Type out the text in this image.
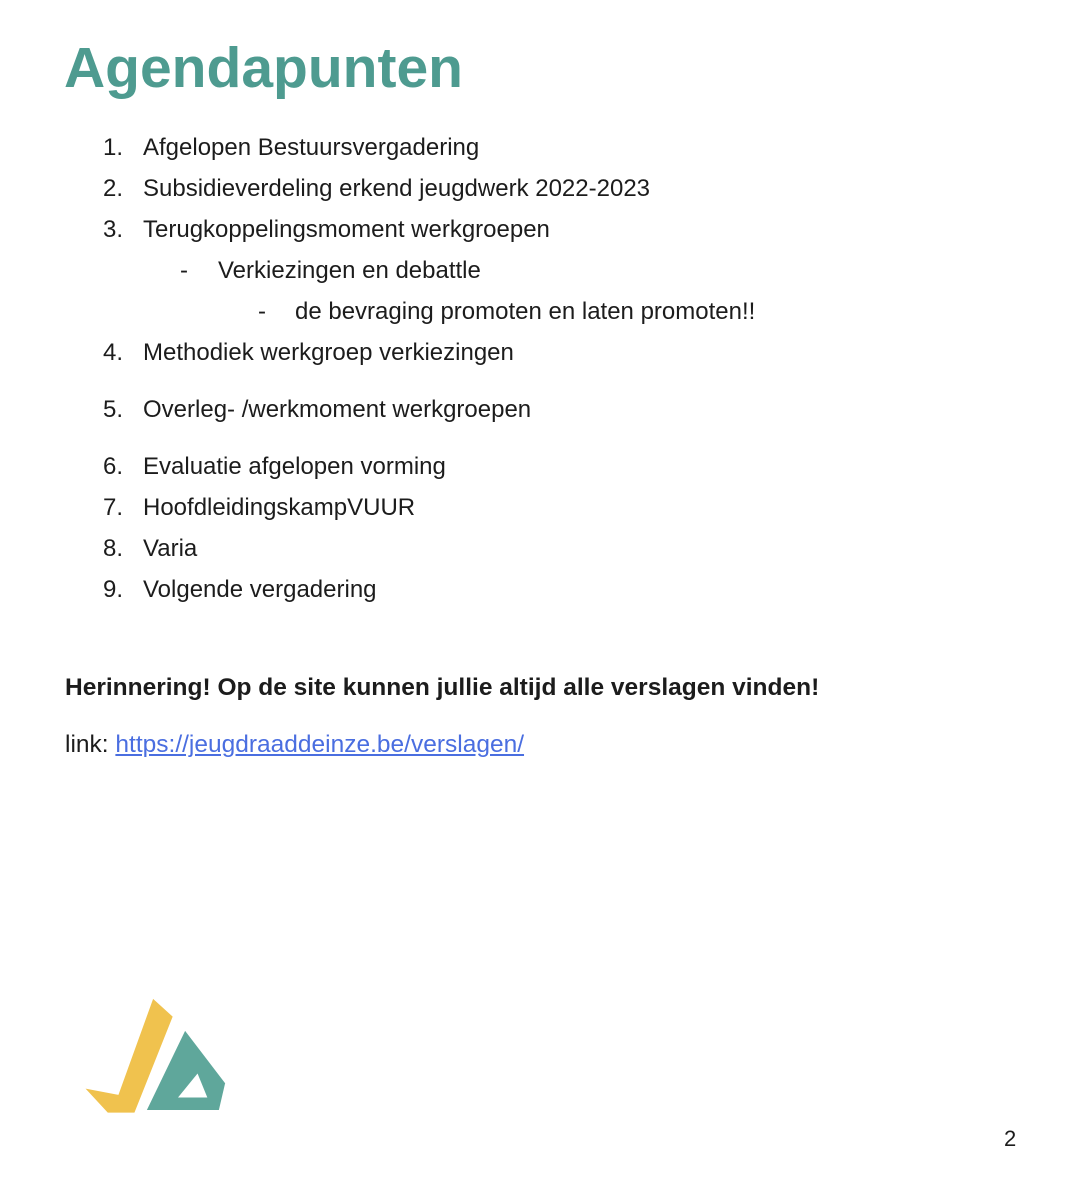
Agendapunten
1. Afgelopen Bestuursvergadering
2. Subsidieverdeling erkend jeugdwerk 2022-2023
3. Terugkoppelingsmoment werkgroepen
-	Verkiezingen en debattle
-	de bevraging promoten en laten promoten!!
4. Methodiek werkgroep verkiezingen
5. Overleg- /werkmoment werkgroepen
6. Evaluatie afgelopen vorming
7. HoofdleidingskampVUUR
8. Varia
9. Volgende vergadering
Herinnering! Op de site kunnen jullie altijd alle verslagen vinden!
link: https://jeugdraaddeinze.be/verslagen/
2
